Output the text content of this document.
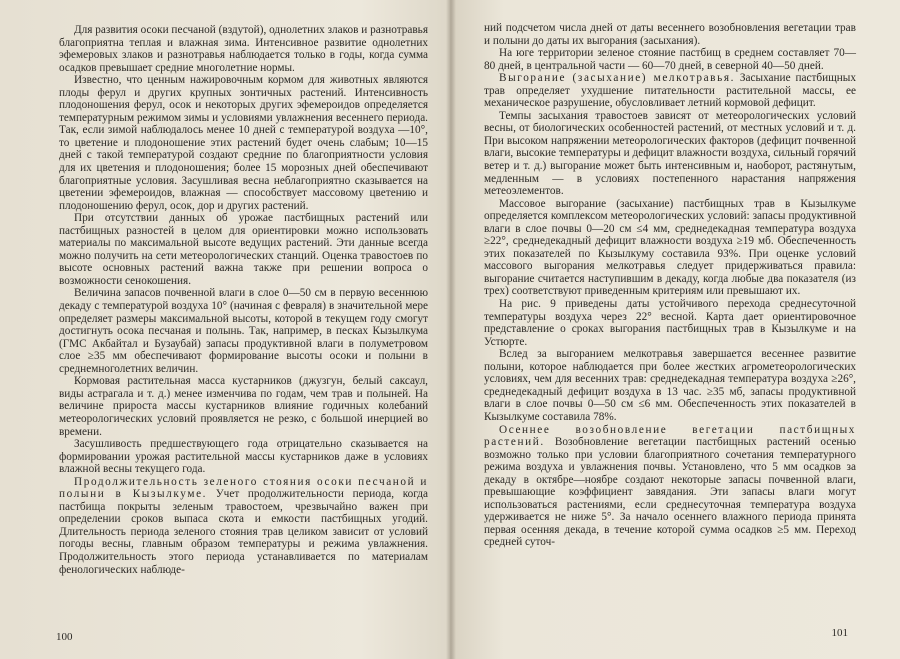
Для развития осоки песчаной (вздутой), однолетних злаков и разнотравья благоприятна теплая и влажная зима. Интенсивное развитие однолетних эфемеровых злаков и разнотравья наблюдается только в годы, когда сумма осадков превышает средние многолетние нормы.

Известно, что ценным нажировочным кормом для животных являются плоды ферул и других крупных зонтичных растений. Интенсивность плодоношения ферул, осок и некоторых других эфемероидов определяется температурным режимом зимы и условиями увлажнения весеннего периода. Так, если зимой наблюдалось менее 10 дней с температурой воздуха —10°, то цветение и плодоношение этих растений будет очень слабым; 10—15 дней с такой температурой создают средние по благоприятности условия для их цветения и плодоношения; более 15 морозных дней обеспечивают благоприятные условия. Засушливая весна неблагоприятно сказывается на цветении эфемероидов, влажная — способствует массовому цветению и плодоношению ферул, осок, дор и других растений.

При отсутствии данных об урожае пастбищных растений или пастбищных разностей в целом для ориентировки можно использовать материалы по максимальной высоте ведущих растений. Эти данные всегда можно получить на сети метеорологических станций. Оценка травостоев по высоте основных растений важна также при решении вопроса о возможности сенокошения.

Величина запасов почвенной влаги в слое 0—50 см в первую весеннюю декаду с температурой воздуха 10° (начиная с февраля) в значительной мере определяет размеры максимальной высоты, которой в текущем году смогут достигнуть осока песчаная и полынь. Так, например, в песках Кызылкума (ГМС Акбайтал и Бузаубай) запасы продуктивной влаги в полуметровом слое ≥35 мм обеспечивают формирование высоты осоки и полыни в среднемноголетних величин.

Кормовая растительная масса кустарников (джузгун, белый саксаул, виды астрагала и т. д.) менее изменчива по годам, чем трав и полыней. На величине прироста массы кустарников влияние годичных колебаний метеорологических условий проявляется не резко, с большой инерцией во времени.

Засушливость предшествующего года отрицательно сказывается на формировании урожая растительной массы кустарников даже в условиях влажной весны текущего года.

Продолжительность зеленого стояния осоки песчаной и полыни в Кызылкуме. Учет продолжительности периода, когда пастбища покрыты зеленым травостоем, чрезвычайно важен при определении сроков выпаса скота и емкости пастбищных угодий. Длительность периода зеленого стояния трав целиком зависит от условий погоды весны, главным образом температуры и режима увлажнения. Продолжительность этого периода устанавливается по материалам фенологических наблюде-

100

ний подсчетом числа дней от даты весеннего возобновления вегетации трав и полыни до даты их выгорания (засыхания).

На юге территории зеленое стояние пастбищ в среднем составляет 70—80 дней, в центральной части — 60—70 дней, в северной 40—50 дней.

Выгорание (засыхание) мелкотравья. Засыхание пастбищных трав определяет ухудшение питательности растительной массы, ее механическое разрушение, обусловливает летний кормовой дефицит.

Темпы засыхания травостоев зависят от метеорологических условий весны, от биологических особенностей растений, от местных условий и т. д. При высоком напряжении метеорологических факторов (дефицит почвенной влаги, высокие температуры и дефицит влажности воздуха, сильный горячий ветер и т. д.) выгорание может быть интенсивным и, наоборот, растянутым, медленным — в условиях постепенного нарастания напряжения метеоэлементов.

Массовое выгорание (засыхание) пастбищных трав в Кызылкуме определяется комплексом метеорологических условий: запасы продуктивной влаги в слое почвы 0—20 см ≤4 мм, среднедекадная температура воздуха ≥22°, среднедекадный дефицит влажности воздуха ≥19 мб. Обеспеченность этих показателей по Кызылкуму составила 93%. При оценке условий массового выгорания мелкотравья следует придерживаться правила: выгорание считается наступившим в декаду, когда любые два показателя (из трех) соответствуют приведенным критериям или превышают их.

На рис. 9 приведены даты устойчивого перехода среднесуточной температуры воздуха через 22° весной. Карта дает ориентировочное представление о сроках выгорания пастбищных трав в Кызылкуме и на Устюрте.

Вслед за выгоранием мелкотравья завершается весеннее развитие полыни, которое наблюдается при более жестких агрометеорологических условиях, чем для весенних трав: среднедекадная температура воздуха ≥26°, среднедекадный дефицит воздуха в 13 час. ≥35 мб, запасы продуктивной влаги в слое почвы 0—50 см ≤6 мм. Обеспеченность этих показателей в Кызылкуме составила 78%.

Осеннее возобновление вегетации пастбищных растений. Возобновление вегетации пастбищных растений осенью возможно только при условии благоприятного сочетания температурного режима воздуха и увлажнения почвы. Установлено, что 5 мм осадков за декаду в октябре—ноябре создают некоторые запасы почвенной влаги, превышающие коэффициент завядания. Эти запасы влаги могут использоваться растениями, если среднесуточная температура воздуха удерживается не ниже 5°. За начало осеннего влажного периода принята первая осенняя декада, в течение которой сумма осадков ≥5 мм. Переход средней суточ-

101
